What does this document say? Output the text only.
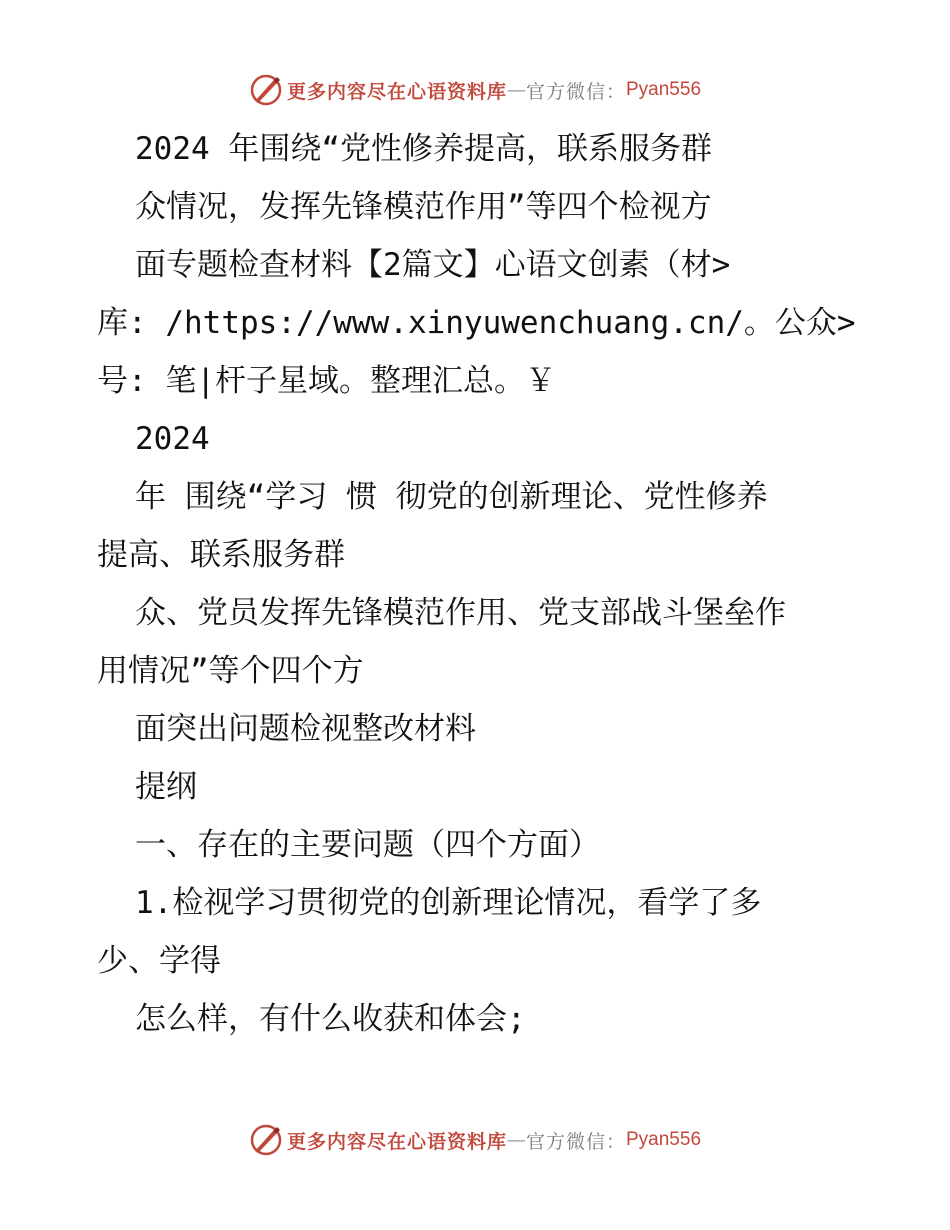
更多内容尽在心语资料库 — 官方微信： Pyan556
2024 年围绕“党性修养提高，联系服务群
众情况，发挥先锋模范作用”等四个检视方
面专题检查材料【2篇文】心语文创素（材>
库: /https://www.xinyuwenchuang.cn/。公众>
号: 笔|杆子星域。整理汇总。￥
2024
年 围绕“学习 惯 彻党的创新理论、党性修养
提高、联系服务群
众、党员发挥先锋模范作用、党支部战斗堡垒作
用情况”等个四个方
面突出问题检视整改材料
提纲
一、存在的主要问题（四个方面）
1.检视学习贯彻党的创新理论情况，看学了多
少、学得
怎么样，有什么收获和体会;
更多内容尽在心语资料库 — 官方微信： Pyan556
